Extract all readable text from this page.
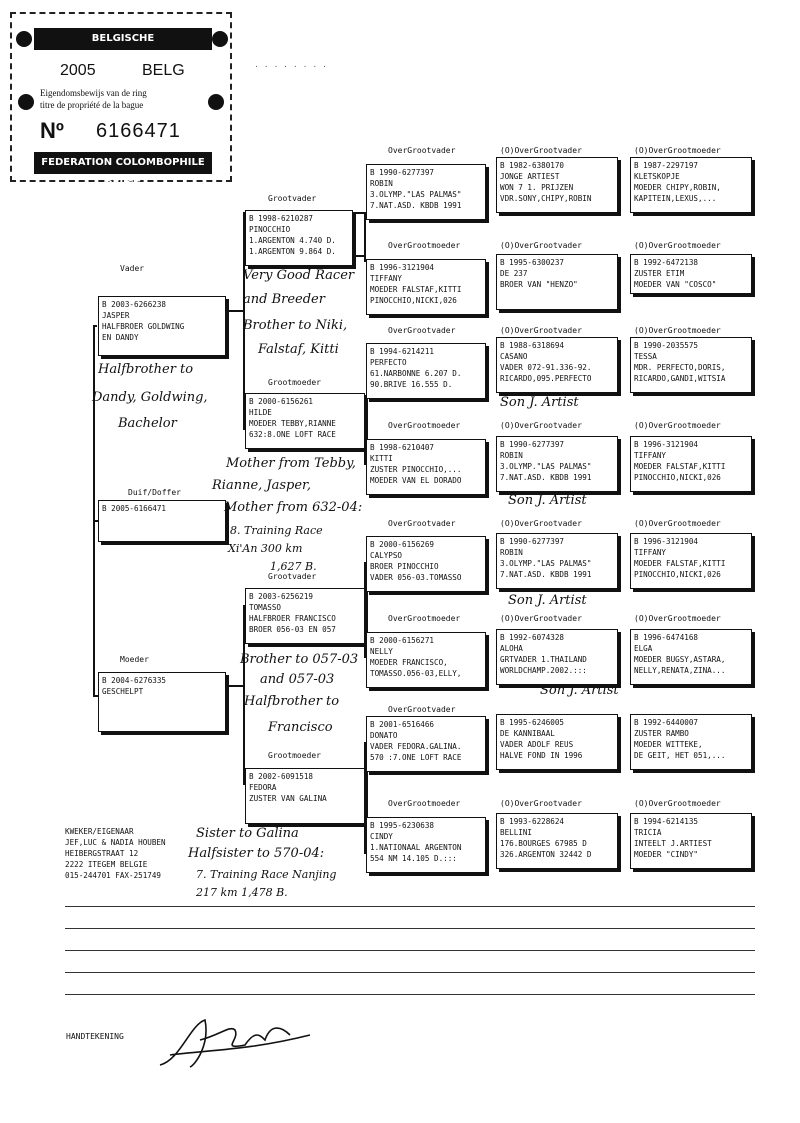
BELGISCHE DUIVENLIEFHEBBERSBOND
2005	BELG
Eigendomsbewijs van de ring
titre de propriété de la bague
Nº 6166471
FEDERATION COLOMBOPHILE BELGE
. . . . . . . .
Grootvader
Grootmoeder
Grootvader
Grootmoeder
Vader
Moeder
Duif/Doffer
OverGrootvader
OverGrootmoeder
OverGrootvader
OverGrootmoeder
OverGrootvader
OverGrootmoeder
OverGrootvader
OverGrootmoeder
(O)OverGrootvader	(O)OverGrootmoeder
(O)OverGrootvader	(O)OverGrootmoeder
(O)OverGrootvader	(O)OverGrootmoeder
(O)OverGrootvader	(O)OverGrootmoeder
(O)OverGrootvader	(O)OverGrootmoeder
(O)OverGrootvader	(O)OverGrootmoeder
(O)OverGrootvader	(O)OverGrootmoeder
B 2005-6166471
B 2003-6266238
JASPER
HALFBROER GOLDWING
EN DANDY
B 2004-6276335
GESCHELPT
B 1998-6210287
PINOCCHIO
1.ARGENTON 4.740 D.
1.ARGENTON 9.864 D.
B 2000-6156261
HILDE
MOEDER TEBBY,RIANNE
632:8.ONE LOFT RACE
B 2003-6256219
TOMASSO
HALFBROER FRANCISCO
BROER 056-03 EN 057
B 2002-6091518
FEDORA
ZUSTER VAN GALINA
B 1990-6277397
ROBIN
3.OLYMP."LAS PALMAS"
7.NAT.ASD. KBDB 1991
B 1996-3121904
TIFFANY
MOEDER FALSTAF,KITTI
PINOCCHIO,NICKI,026
B 1994-6214211
PERFECTO
61.NARBONNE 6.207 D.
90.BRIVE 16.555 D.
B 1998-6210407
KITTI
ZUSTER PINOCCHIO,...
MOEDER VAN EL DORADO
B 2000-6156269
CALYPSO
BROER PINOCCHIO
VADER 056-03.TOMASSO
B 2000-6156271
NELLY
MOEDER FRANCISCO,
TOMASSO.056-03,ELLY,
B 2001-6516466
DONATO
VADER FEDORA.GALINA.
570 :7.ONE LOFT RACE
B 1995-6230638
CINDY
1.NATIONAAL ARGENTON
554 NM 14.105 D.:::
B 1982-6380170
JONGE ARTIEST
WON 7 1. PRIJZEN
VDR.SONY,CHIPY,ROBIN
B 1995-6300237
DE 237
BROER VAN "HENZO"
B 1988-6318694
CASANO
VADER 072-91.336-92.
RICARDO,095.PERFECTO
B 1990-6277397
ROBIN
3.OLYMP."LAS PALMAS"
7.NAT.ASD. KBDB 1991
B 1990-6277397
ROBIN
3.OLYMP."LAS PALMAS"
7.NAT.ASD. KBDB 1991
B 1992-6074328
ALOHA
GRTVADER 1.THAILAND
WORLDCHAMP.2002.:::
B 1995-6246005
DE KANNIBAAL
VADER ADOLF REUS
HALVE FOND IN 1996
B 1993-6228624
BELLINI
176.BOURGES 67985 D
326.ARGENTON 32442 D
B 1987-2297197
KLETSKOPJE
MOEDER CHIPY,ROBIN,
KAPITEIN,LEXUS,...
B 1992-6472138
ZUSTER ETIM
MOEDER VAN "COSCO"
B 1990-2035575
TESSA
MDR. PERFECTO,DORIS,
RICARDO,GANDI,WITSIA
B 1996-3121904
TIFFANY
MOEDER FALSTAF,KITTI
PINOCCHIO,NICKI,026
B 1996-3121904
TIFFANY
MOEDER FALSTAF,KITTI
PINOCCHIO,NICKI,026
B 1996-6474168
ELGA
MOEDER BUGSY,ASTARA,
NELLY,RENATA,ZINA...
B 1992-6440007
ZUSTER RAMBO
MOEDER WITTEKE,
DE GEIT, HET 051,...
B 1994-6214135
TRICIA
INTEELT J.ARTIEST
MOEDER "CINDY"
Very Good Racer
and Breeder
Brother to Niki,
Falstaf, Kitti
Halfbrother to
Dandy, Goldwing,
Bachelor
Mother from Tebby,
Rianne, Jasper,
Mother from 632-04:
8. Training Race
Xi'An 300 km
1,627 B.
Son J. Artist
Son J. Artist
Son J. Artist
Son J. Artist
Brother to 057-03
and 057-03
Halfbrother to
Francisco
Sister to Galina
Halfsister to 570-04:
7. Training Race Nanjing
217 km 1,478 B.
KWEKER/EIGENAAR
JEF,LUC & NADIA HOUBEN
HEIBERGSTRAAT 12
2222 ITEGEM BELGIE
015-244701 FAX-251749
HANDTEKENING
